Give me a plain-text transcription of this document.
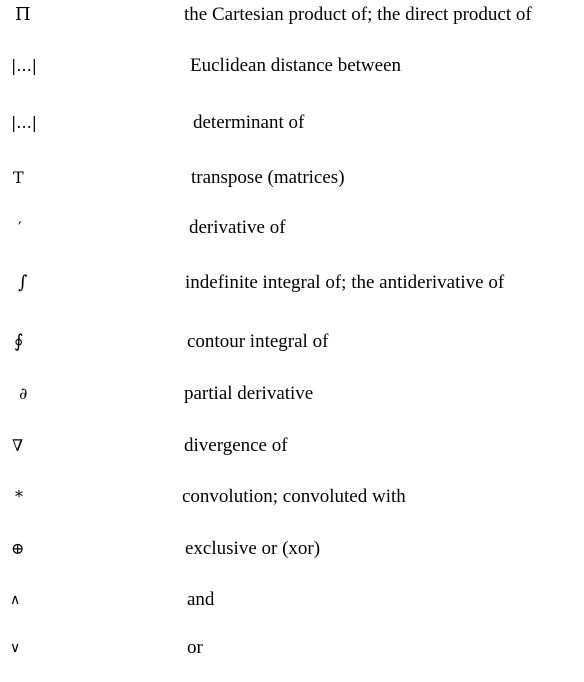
Π	the Cartesian product of; the direct product of
|...|	Euclidean distance between
|...|	determinant of
T	transpose (matrices)
′	derivative of
∫	indefinite integral of; the antiderivative of
∮	contour integral of
∂	partial derivative
∇	divergence of
*	convolution; convoluted with
⊕	exclusive or (xor)
∧	and
∨	or
